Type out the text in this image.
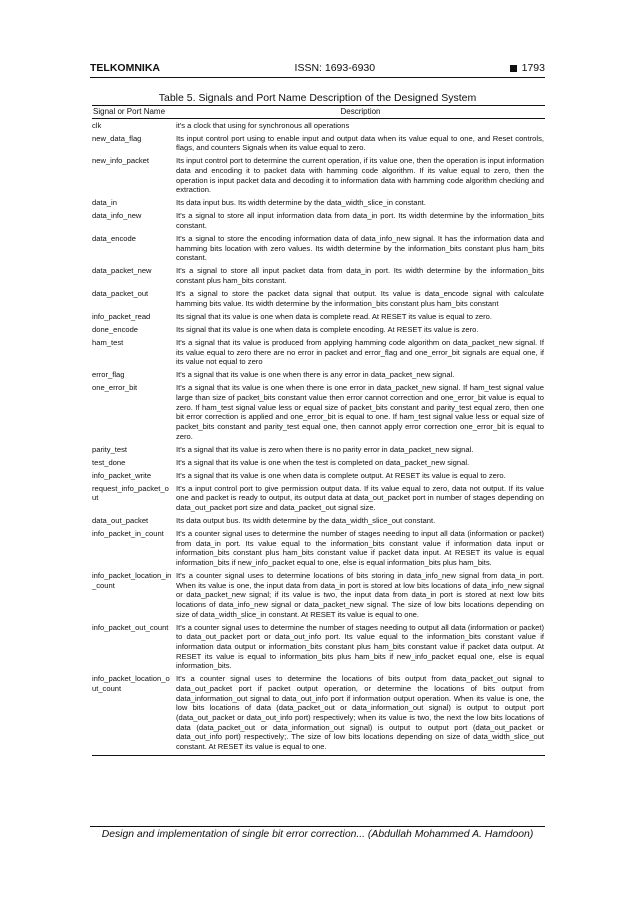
TELKOMNIKA	ISSN: 1693-6930	1793
Table 5. Signals and Port Name Description of the Designed System
Signal or Port Name	Description
clk	it's a clock that using for synchronous all operations
new_data_flag	Its input control port using to enable input and output data when its value equal to one, and Reset controls, flags, and counters Signals when its value equal to zero.
new_info_packet	Its input control port to determine the current operation, if its value one, then the operation is input information data and encoding it to packet data with hamming code algorithm. If its value equal to zero, then the operation is input packet data and decoding it to information data with hamming code algorithm checking and extraction.
data_in	Its data input bus. Its width determine by the data_width_slice_in constant.
data_info_new	It's a signal to store all input information data from data_in port. Its width determine by the information_bits constant.
data_encode	It's a signal to store the encoding information data of data_info_new signal. It has the information data and hamming bits location with zero values. Its width determine by the information_bits constant plus ham_bits constant.
data_packet_new	It's a signal to store all input packet data from data_in port. Its width determine by the information_bits constant plus ham_bits constant.
data_packet_out	It's a signal to store the packet data signal that output. Its value is data_encode signal with calculate hamming bits value. Its width determine by the information_bits constant plus ham_bits constant
info_packet_read	Its signal that its value is one when data is complete read. At RESET its value is equal to zero.
done_encode	Its signal that its value is one when data is complete encoding. At RESET its value is zero.
ham_test	It's a signal that its value is produced from applying hamming code algorithm on data_packet_new signal. If its value equal to zero there are no error in packet and error_flag and one_error_bit signals are equal one, if its value not equal to zero
error_flag	It's a signal that its value is one when there is any error in data_packet_new signal.
one_error_bit	It's a signal that its value is one when there is one error in data_packet_new signal. If ham_test signal value large than size of packet_bits constant value then error cannot correction and one_error_bit value is equal to zero. If ham_test signal value less or equal size of packet_bits constant and parity_test equal zero, then one bit error correction is applied and one_error_bit is equal to one. If ham_test signal value less or equal size of packet_bits constant and parity_test equal one, then cannot apply error correction one_error_bit is equal to zero.
parity_test	It's a signal that its value is zero when there is no parity error in data_packet_new signal.
test_done	It's a signal that its value is one when the test is completed on data_packet_new signal.
info_packet_write	It's a signal that its value is one when data is complete output. At RESET its value is equal to zero.
request_info_packet_out	It's a input control port to give permission output data. If its value equal to zero, data not output. If its value one and packet is ready to output, its output data at data_out_packet port in number of stages depending on data_out_packet port size and data_packet_out signal size.
data_out_packet	Its data output bus. Its width determine by the data_width_slice_out constant.
info_packet_in_count	It's a counter signal uses to determine the number of stages needing to input all data (information or packet) from data_in port. Its value equal to the information_bits constant value if information data input or information_bits constant plus ham_bits constant value if packet data input. At RESET its value is equal information_bits if new_info_packet equal to one, else is equal information_bits plus ham_bits.
info_packet_location_in_count	It's a counter signal uses to determine locations of bits storing in data_info_new signal from data_in port. When its value is one, the input data from data_in port is stored at low bits locations of data_info_new signal or data_packet_new signal; if its value is two, the input data from data_in port is stored at next low bits locations of data_info_new signal or data_packet_new signal. The size of low bits locations depending on size of data_width_slice_in constant. At RESET its value is equal to one.
info_packet_out_count	It's a counter signal uses to determine the number of stages needing to output all data (information or packet) to data_out_packet port or data_out_info port. Its value equal to the information_bits constant value if information data output or information_bits constant plus ham_bits constant value if packet data output. At RESET its value is equal to information_bits plus ham_bits if new_info_packet equal one, else is equal information_bits.
info_packet_location_out_count	It's a counter signal uses to determine the locations of bits output from data_packet_out signal to data_out_packet port if packet output operation, or determine the locations of bits output from data_information_out signal to data_out_info port if information output operation. When its value is one, the low bits locations of data (data_packet_out or data_information_out signal) is output to output port (data_out_packet or data_out_info port) respectively; when its value is two, the next the low bits locations of data (data_packet_out or data_information_out signal) is output to output port (data_out_packet or data_out_info port) respectively;. The size of low bits locations depending on size of data_width_slice_out constant. At RESET its value is equal to one.
Design and implementation of single bit error correction... (Abdullah Mohammed A. Hamdoon)
